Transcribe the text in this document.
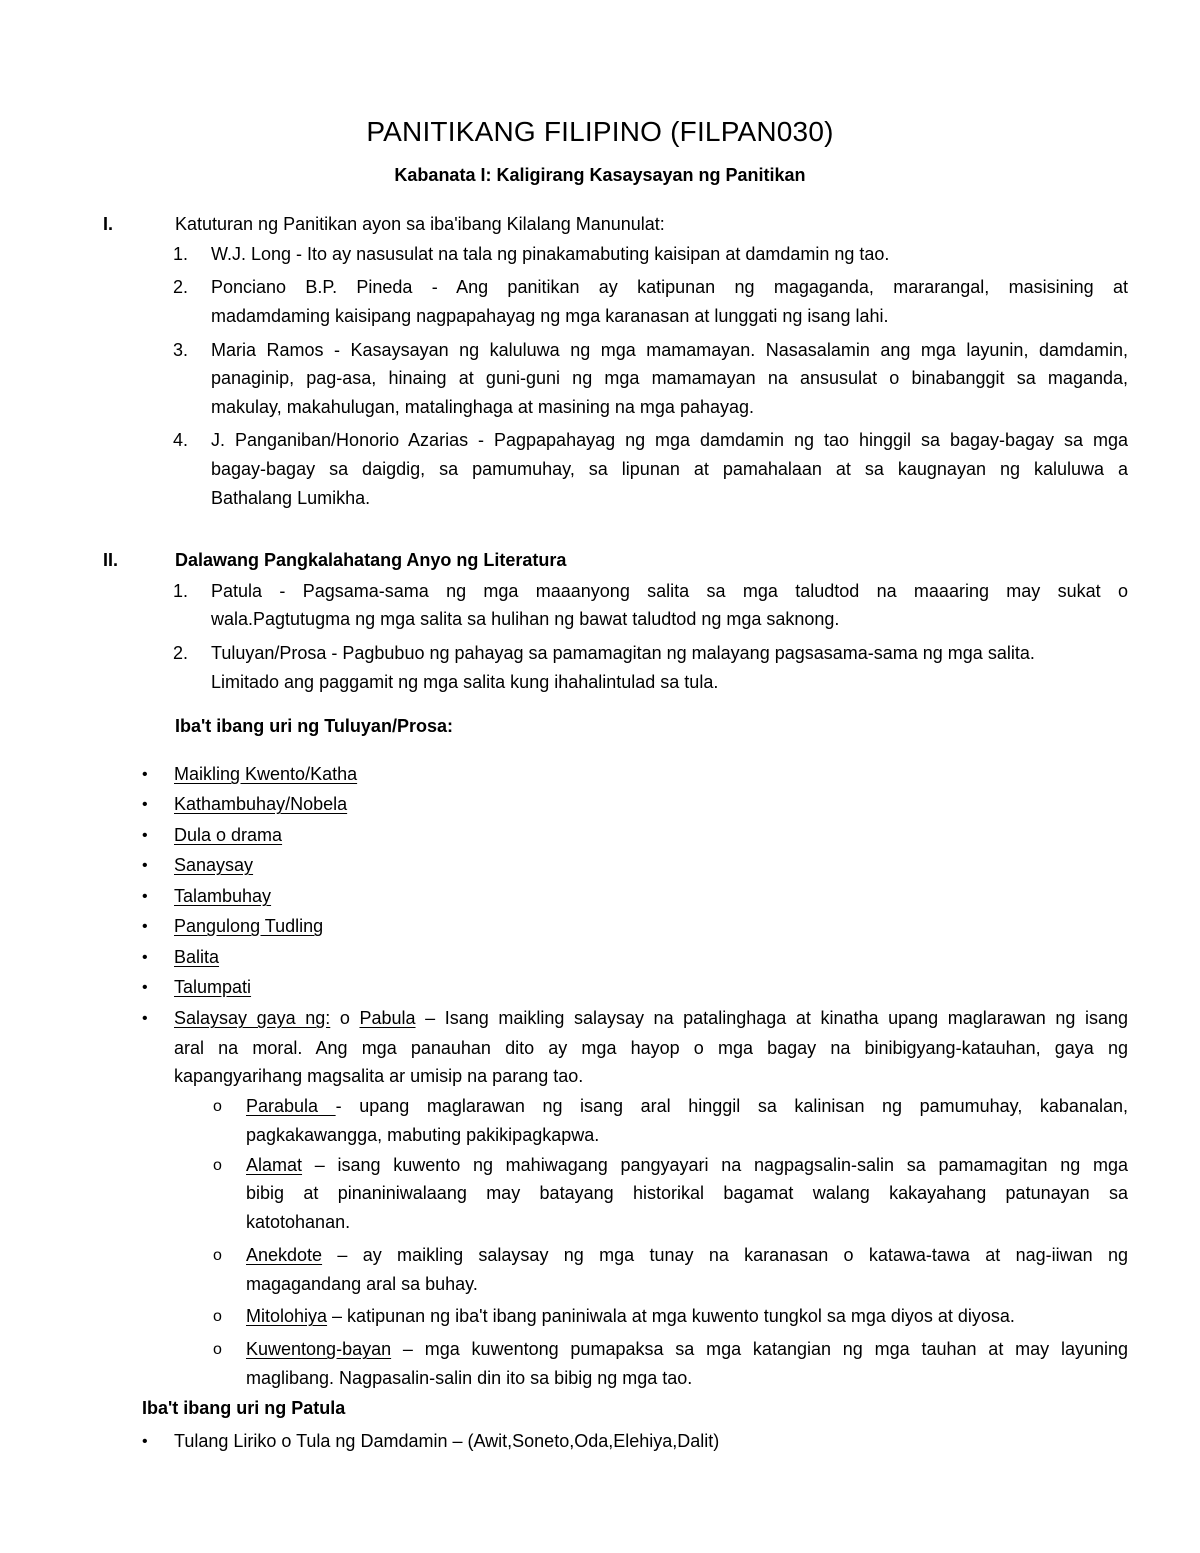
PANITIKANG FILIPINO (FILPAN030)
Kabanata I: Kaligirang Kasaysayan ng Panitikan
I.	Katuturan ng Panitikan ayon sa iba'ibang Kilalang Manunulat:
1. W.J. Long - Ito ay nasusulat na tala ng pinakamabuting kaisipan at damdamin ng tao.
2. Ponciano B.P. Pineda - Ang panitikan ay katipunan ng magaganda, mararangal, masisining at
madamdaming kaisipang nagpapahayag ng mga karanasan at lunggati ng isang lahi.
3. Maria Ramos - Kasaysayan ng kaluluwa ng mga mamamayan. Nasasalamin ang mga layunin, damdamin,
panaginip, pag-asa, hinaing at guni-guni ng mga mamamayan na ansusulat o binabanggit sa maganda,
makulay, makahulugan, matalinghaga at masining na mga pahayag.
4. J. Panganiban/Honorio Azarias - Pagpapahayag ng mga damdamin ng tao hinggil sa bagay-bagay sa mga
bagay-bagay sa daigdig, sa pamumuhay, sa lipunan at pamahalaan at sa kaugnayan ng kaluluwa a
Bathalang Lumikha.
II.	Dalawang Pangkalahatang Anyo ng Literatura
1. Patula - Pagsama-sama ng mga maaanyong salita sa mga taludtod na maaaring may sukat o
wala.Pagtutugma ng mga salita sa hulihan ng bawat taludtod ng mga saknong.
2. Tuluyan/Prosa - Pagbubuo ng pahayag sa pamamagitan ng malayang pagsasama-sama ng mga salita.
Limitado ang paggamit ng mga salita kung ihahalintulad sa tula.
Iba't ibang uri ng Tuluyan/Prosa:
• Maikling Kwento/Katha
• Kathambuhay/Nobela
• Dula o drama
• Sanaysay
• Talambuhay
• Pangulong Tudling
• Balita
• Talumpati
• Salaysay gaya ng: o Pabula – Isang maikling salaysay na patalinghaga at kinatha upang maglarawan ng isang
aral na moral. Ang mga panauhan dito ay mga hayop o mga bagay na binibigyang-katauhan, gaya ng
kapangyarihang magsalita ar umisip na parang tao.
o Parabula - upang maglarawan ng isang aral hinggil sa kalinisan ng pamumuhay, kabanalan,
pagkakawangga, mabuting pakikipagkapwa.
o Alamat – isang kuwento ng mahiwagang pangyayari na nagpagsalin-salin sa pamamagitan ng mga
bibig at pinaniniwalaang may batayang historikal bagamat walang kakayahang patunayan sa
katotohanan.
o Anekdote – ay maikling salaysay ng mga tunay na karanasan o katawa-tawa at nag-iiwan ng
magagandang aral sa buhay.
o Mitolohiya – katipunan ng iba't ibang paniniwala at mga kuwento tungkol sa mga diyos at diyosa.
o Kuwentong-bayan – mga kuwentong pumapaksa sa mga katangian ng mga tauhan at may layuning
maglibang. Nagpasalin-salin din ito sa bibig ng mga tao.
Iba't ibang uri ng Patula
• Tulang Liriko o Tula ng Damdamin – (Awit,Soneto,Oda,Elehiya,Dalit)
